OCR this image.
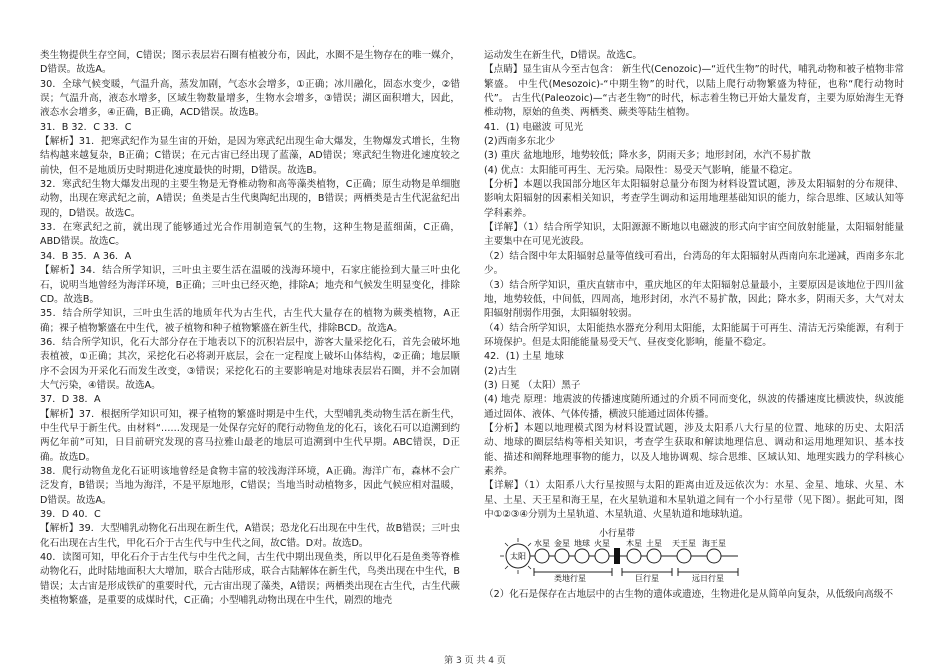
.

类生物提供生存空间，C错误；图示表层岩石圈有植被分布，因此，水圈不是生物存在的唯一媒介，D错误。故选A。

30．全球气候变暖，气温升高，蒸发加剧，气态水会增多，①正确；冰川融化，固态水变少，②错误；气温升高，液态水增多，区域生物数量增多，生物水会增多，③错误；湖区面积增大，因此，液态水会增多，④正确，B正确，ACD错误。故选B。

31．B 32．C 33．C

【解析】31．把寒武纪作为显生宙的开始，是因为寒武纪出现生命大爆发，生物爆发式增长，生物结构越来越复杂，B正确；C错误；在元古宙已经出现了蓝藻，AD错误；寒武纪生物进化速度较之前快，但不是地质历史时期进化速度最快的时期，D错误。故选B。

32．寒武纪生物大爆发出现的主要生物是无脊椎动物和高等藻类植物，C正确；原生动物是单细胞动物，出现在寒武纪之前，A错误；鱼类是古生代奥陶纪出现的，B错误；两栖类是古生代泥盆纪出现的，D错误。故选C。

33．在寒武纪之前，就出现了能够通过光合作用制造氧气的生物，这种生物是蓝细菌，C正确，ABD错误。故选C。

34．B 35．A 36．A

【解析】34．结合所学知识，三叶虫主要生活在温暖的浅海环境中，石家庄能捡到大量三叶虫化石，说明当地曾经为海洋环境，B正确；三叶虫已经灭绝，排除A；地壳和气候发生明显变化，排除CD。故选B。

35．结合所学知识，三叶虫生活的地质年代为古生代，古生代大量存在的植物为蕨类植物，A正确；裸子植物繁盛在中生代，被子植物和种子植物繁盛在新生代，排除BCD。故选A。

36．结合所学知识，化石大部分存在于地表以下的沉积岩层中，游客大量采挖化石，首先会破坏地表植被，①正确；其次，采挖化石必将剥开底层，会在一定程度上破坏山体结构，②正确；地层顺序不会因为开采化石而发生改变，③错误；采挖化石的主要影响是对地球表层岩石圈，并不会加剧大气污染，④错误。故选A。

37．D 38．A

【解析】37．根据所学知识可知，裸子植物的繁盛时期是中生代，大型哺乳类动物生活在新生代，中生代早于新生代。由材料“……发现是一处保存完好的爬行动物鱼龙的化石，该化石可以追溯到约两亿年前”可知，日目前研究发现的喜马拉雅山最老的地层可追溯到中生代早期。ABC错误，D正确。故选D。

38．爬行动物鱼龙化石证明该地曾经是食物丰富的较浅海洋环境，A正确。海洋广布，森林不会广泛发育，B错误；当地为海洋，不是平原地形，C错误；当地当时动植物多，因此气候应相对温暖，D错误。故选A。

39．D 40．C

【解析】39．大型哺乳动物化石出现在新生代，A错误；恐龙化石出现在中生代，故B错误；三叶虫化石出现在古生代，甲化石介于古生代与中生代之间，故C错。D对。故选D。

40．读图可知，甲化石介于古生代与中生代之间，古生代中期出现鱼类，所以甲化石是鱼类等脊椎动物化石，此时陆地面积大大增加，联合古陆形成，联合古陆解体在新生代，鸟类出现在中生代，B错误；太古宙是形成铁矿的重要时代，元古宙出现了藻类，A错误；两栖类出现在古生代，古生代蕨类植物繁盛，是重要的成煤时代，C正确；小型哺乳动物出现在中生代，剧烈的地壳

运动发生在新生代，D错误。故选C。

【点睛】显生宙从今至古包含： 新生代(Cenozoic)—“近代生物”的时代，哺乳动物和被子植物非常繁盛。 中生代(Mesozoic)-“中期生物”的时代，以陆上爬行动物繁盛为特征，也称“爬行动物时代”。 古生代(Paleozoic)—“古老生物”的时代，标志着生物已开始大量发育，主要为原始海生无脊椎动物，原始的鱼类、两栖类、蕨类等陆生植物。

41．(1) 电磁波 可见光

(2)西南多东北少

(3) 重庆 盆地地形，地势较低；降水多，阴雨天多；地形封闭，水汽不易扩散

(4) 优点：太阳能可再生、无污染。局限性：易受天气影响，能量不稳定。

【分析】本题以我国部分地区年太阳辐射总量分布图为材料设置试题，涉及太阳辐射的分布规律、影响太阳辐射的因素相关知识，考查学生调动和运用地理基础知识的能力，综合思维、区域认知等学科素养。

【详解】（1）结合所学知识，太阳源源不断地以电磁波的形式向宇宙空间放射能量，太阳辐射能量主要集中在可见光波段。

（2）结合图中年太阳辐射总量等值线可看出，台湾岛的年太阳辐射从西南向东北递减，西南多东北少。

（3）结合所学知识，重庆直辖市中，重庆地区的年太阳辐射总量最小，主要原因是该地位于四川盆地，地势较低，中间低，四周高，地形封闭，水汽不易扩散，因此；降水多，阴雨天多，大气对太阳辐射削弱作用强，太阳辐射较弱。

（4）结合所学知识，太阳能热水器充分利用太阳能，太阳能属于可再生、清洁无污染能源，有利于环境保护。但是太阳能能量易受天气、昼夜变化影响，能量不稳定。

42．(1) 土星 地球

(2)古生

(3) 日冕 （太阳）黑子

(4) 地壳 原理：地震波的传播速度随所通过的介质不同而变化，纵波的传播速度比横波快，纵波能通过固体、液体、气体传播，横波只能通过固体传播。

【分析】本题以地理模式图为材料设置试题，涉及太阳系八大行星的位置、地球的历史、太阳活动、地球的圈层结构等相关知识，考查学生获取和解读地理信息、调动和运用地理知识、基本技能、描述和阐释地理事物的能力，以及人地协调观、综合思维、区域认知、地理实践力的学科核心素养。

【详解】（1）太阳系八大行星按照与太阳的距离由近及远依次为：水星、金星、地球、火星、木星、土星、天王星和海王星，在火星轨道和木星轨道之间有一个小行星带（见下图）。据此可知，图中①②③④分别为土星轨道、木星轨道、火星轨道和地球轨道。

太阳
小行星带
水星 金星 地球 火星 木星 土星 天王星 海王星
类地行星	巨行星	远日行星

（2）化石是保存在古地层中的古生物的遗体或遗迹，生物进化是从简单向复杂，从低级向高级不

第 3 页 共 4 页
